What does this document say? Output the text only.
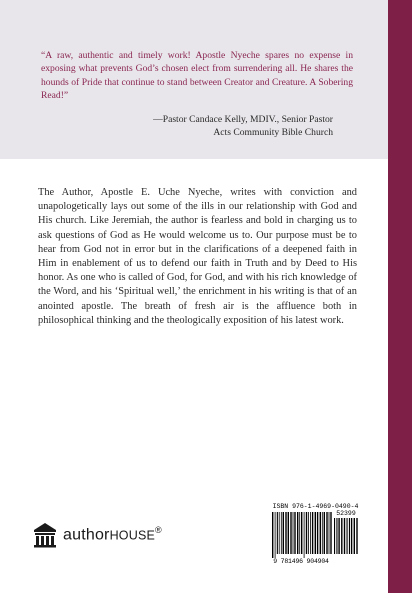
“A raw, authentic and timely work! Apostle Nyeche spares no expense in exposing what prevents God’s chosen elect from surrendering all. He shares the hounds of Pride that continue to stand between Creator and Creature. A Sobering Read!”

—Pastor Candace Kelly, MDIV., Senior Pastor
Acts Community Bible Church

The Author, Apostle E. Uche Nyeche, writes with conviction and unapologetically lays out some of the ills in our relationship with God and His church. Like Jeremiah, the author is fearless and bold in charging us to ask questions of God as He would welcome us to. Our purpose must be to hear from God not in error but in the clarifications of a deepened faith in Him in enablement of us to defend our faith in Truth and by Deed to His honor. As one who is called of God, for God, and with his rich knowledge of the Word, and his ‘Spiritual well,’ the enrichment in his writing is that of an anointed apostle. The breath of fresh air is the affluence both in philosophical thinking and the theologically exposition of his latest work.

authorHOUSE®
ISBN 976-1-4969-0490-4
52399
9 781496 904904
